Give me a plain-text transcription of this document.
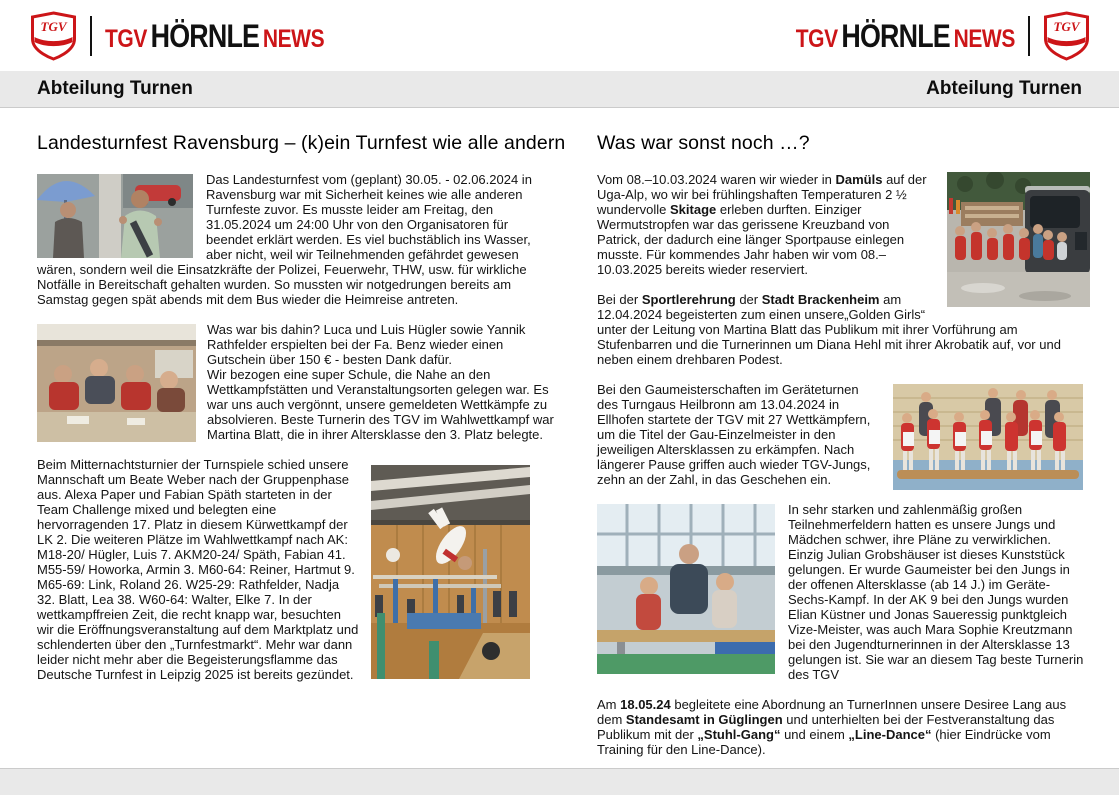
TGV TGV HÖRNLE NEWS	TGV HÖRNLE NEWS	TGV
Abteilung Turnen	Abteilung Turnen
Landesturnfest Ravensburg – (k)ein Turnfest wie alle andern

Das Landesturnfest vom (geplant) 30.05. - 02.06.2024 in Ravensburg war mit Sicherheit keines wie alle anderen Turnfeste zuvor. Es musste leider am Freitag, den 31.05.2024 um 24:00 Uhr von den Organisatoren für beendet erklärt werden. Es viel buchstäblich ins Wasser, aber nicht, weil wir Teilnehmenden gefährdet gewesen wären, sondern weil die Einsatzkräfte der Polizei, Feuerwehr, THW, usw. für wirkliche Notfälle in Bereitschaft gehalten wurden. So mussten wir notgedrungen bereits am Samstag gegen spät abends mit dem Bus wieder die Heimreise antreten.

Was war bis dahin? Luca und Luis Hügler sowie Yannik Rathfelder erspielten bei der Fa. Benz wieder einen Gutschein über 150 € - besten Dank dafür.
Wir bezogen eine super Schule, die Nahe an den Wettkampfstätten und Veranstaltungsorten gelegen war. Es war uns auch vergönnt, unsere gemeldeten Wettkämpfe zu absolvieren. Beste Turnerin des TGV im Wahlwettkampf war Martina Blatt, die in ihrer Altersklasse den 3. Platz belegte.

Beim Mitternachtsturnier der Turnspiele schied unsere Mannschaft um Beate Weber nach der Gruppenphase aus. Alexa Paper und Fabian Späth starteten in der Team Challenge mixed und belegten eine hervorragenden 17. Platz in diesem Kürwettkampf der LK 2. Die weiteren Plätze im Wahlwettkampf nach AK: M18-20/ Hügler, Luis 7. AKM20-24/ Späth, Fabian 41. M55-59/ Howorka, Armin 3. M60-64: Reiner, Hartmut 9. M65-69: Link, Roland 26. W25-29: Rathfelder, Nadja 32. Blatt, Lea 38. W60-64: Walter, Elke 7. In der wettkampffreien Zeit, die recht knapp war, besuchten wir die Eröffnungsveranstaltung auf dem Marktplatz und schlenderten über den „Turnfestmarkt“. Mehr war dann leider nicht mehr aber die Begeisterungsflamme das Deutsche Turnfest in Leipzig 2025 ist bereits gezündet.

Was war sonst noch …?

Vom 08.–10.03.2024 waren wir wieder in Damüls auf der Uga-Alp, wo wir bei frühlingshaften Temperaturen 2 ½ wundervolle Skitage erleben durften. Einziger Wermutstropfen war das gerissene Kreuzband von Patrick, der dadurch eine länger Sportpause einlegen musste. Für kommendes Jahr haben wir vom 08.–10.03.2025 bereits wieder reserviert.

Bei der Sportlerehrung der Stadt Brackenheim am 12.04.2024 begeisterten zum einen unsere„Golden Girls“ unter der Leitung von Martina Blatt das Publikum mit ihrer Vorführung am Stufenbarren und die Turnerinnen um Diana Hehl mit ihrer Akrobatik auf, vor und neben einem drehbaren Podest.

Bei den Gaumeisterschaften im Geräteturnen des Turngaus Heilbronn am 13.04.2024 in Ellhofen startete der TGV mit 27 Wettkämpfern, um die Titel der Gau-Einzelmeister in den jeweiligen Altersklassen zu erkämpfen. Nach längerer Pause griffen auch wieder TGV-Jungs, zehn an der Zahl, in das Geschehen ein.

In sehr starken und zahlenmäßig großen Teilnehmerfeldern hatten es unsere Jungs und Mädchen schwer, ihre Pläne zu verwirklichen. Einzig Julian Grobshäuser ist dieses Kunststück gelungen. Er wurde Gaumeister bei den Jungs in der offenen Altersklasse (ab 14 J.) im Geräte-Sechs-Kampf. In der AK 9 bei den Jungs wurden Elian Küstner und Jonas Saueressig punktgleich Vize-Meister, was auch Mara Sophie Kreutzmann bei den Jugendturnerinnen in der Altersklasse 13 gelungen ist. Sie war an diesem Tag beste Turnerin des TGV

Am 18.05.24 begleitete eine Abordnung an TurnerInnen unsere Desiree Lang aus dem Standesamt in Güglingen und unterhielten bei der Festveranstaltung das Publikum mit der „Stuhl-Gang“ und einem „Line-Dance“ (hier Eindrücke vom Training für den Line-Dance).
